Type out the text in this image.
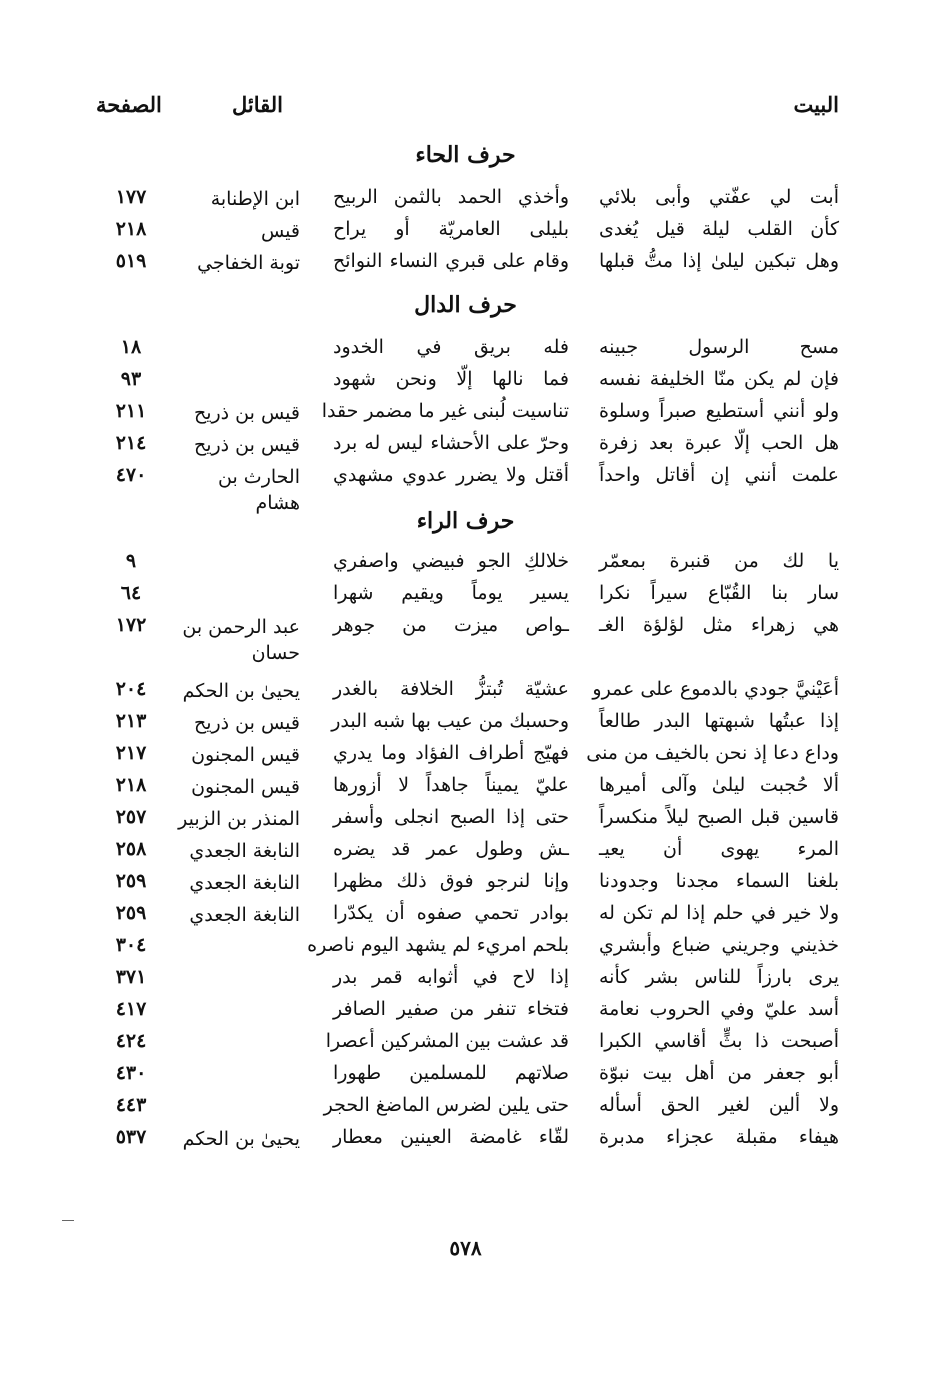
البيت
القائل
الصفحة
حرف الحاء
أبت لي عفّتي وأبى بلائي
وأخذي الحمد بالثمن الربيح
ابن الإطنابة
١٧٧
كأن القلب ليلة قيل يُغدى
بليلى العامريّة أو يراح
قيس
٢١٨
وهل تبكين ليلىٰ إذا متُّ قبلها
وقام على قبري النساء النوائح
توبة الخفاجي
٥١٩
حرف الدال
مسح الرسول جبينه
فله بريق في الخدود
١٨
فإن لم يكن منّا الخليفة نفسه
فما نالها إلّا ونحن شهود
٩٣
ولو أنني أستطيع صبراً وسلوة
تناسيت لُبنى غير ما مضمر حقدا
قيس بن ذريح
٢١١
هل الحب إلّا عبرة بعد زفرة
وحرّ على الأحشاء ليس له برد
قيس بن ذريح
٢١٤
علمت أنني إن أقاتل واحداً
أقتل ولا يضرر عدوي مشهدي
الحارث بن هشام
٤٧٠
حرف الراء
يا لك من قنبرة بمعمّر
خلالكِ الجو فبيضي واصفري
٩
سار بنا القُبّاع سيراً نكرا
يسير يوماً ويقيم شهرا
٦٤
هي زهراء مثل لؤلؤة الغـ
ـواص ميزت من جوهر
عبد الرحمن بن حسان
١٧٢
أعَيْنيَّ جودي بالدموع على عمرو
عشيّة تُبتزُّ الخلافة بالغدر
يحيىٰ بن الحكم
٢٠٤
إذا عبتُها شبهتها البدر طالعاً
وحسبك من عيب بها شبه البدر
قيس بن ذريح
٢١٣
وداع دعا إذ نحن بالخيف من منى
فهيّج أطراف الفؤاد وما يدري
قيس المجنون
٢١٧
ألا حُجبت ليلىٰ وآلى أميرها
عليّ يميناً جاهداً لا أزورها
قيس المجنون
٢١٨
قاسين قبل الصبح ليلاً منكسراً
حتى إذا الصبح انجلى وأسفر
المنذر بن الزبير
٢٥٧
المرء يهوى أن يعيـ
ـش وطول عمر قد يضره
النابغة الجعدي
٢٥٨
بلغنا السماء مجدنا وجدودنا
وإنا لنرجو فوق ذلك مظهرا
النابغة الجعدي
٢٥٩
ولا خير في حلم إذا لم تكن له
بوادر تحمي صفوه أن يكدّرا
النابغة الجعدي
٢٥٩
خذيني وجريني ضباع وأبشري
بلحم امريء لم يشهد اليوم ناصره
٣٠٤
يرى بارزاً للناس بشر كأنه
إذا لاح في أثوابه قمر بدر
٣٧١
أسد عليّ وفي الحروب نعامة
فتخاء تنفر من صفير الصافر
٤١٧
أصبحت ذا بثٍّ أقاسي الكبرا
قد عشت بين المشركين أعصرا
٤٢٤
أبو جعفر من أهل بيت نبوّة
صلاتهم للمسلمين طهورا
٤٣٠
ولا ألين لغير الحق أسأله
حتى يلين لضرس الماضغ الحجر
٤٤٣
هيفاء مقبلة عجزاء مدبرة
لقّاء غامضة العينين معطار
يحيىٰ بن الحكم
٥٣٧
٥٧٨
